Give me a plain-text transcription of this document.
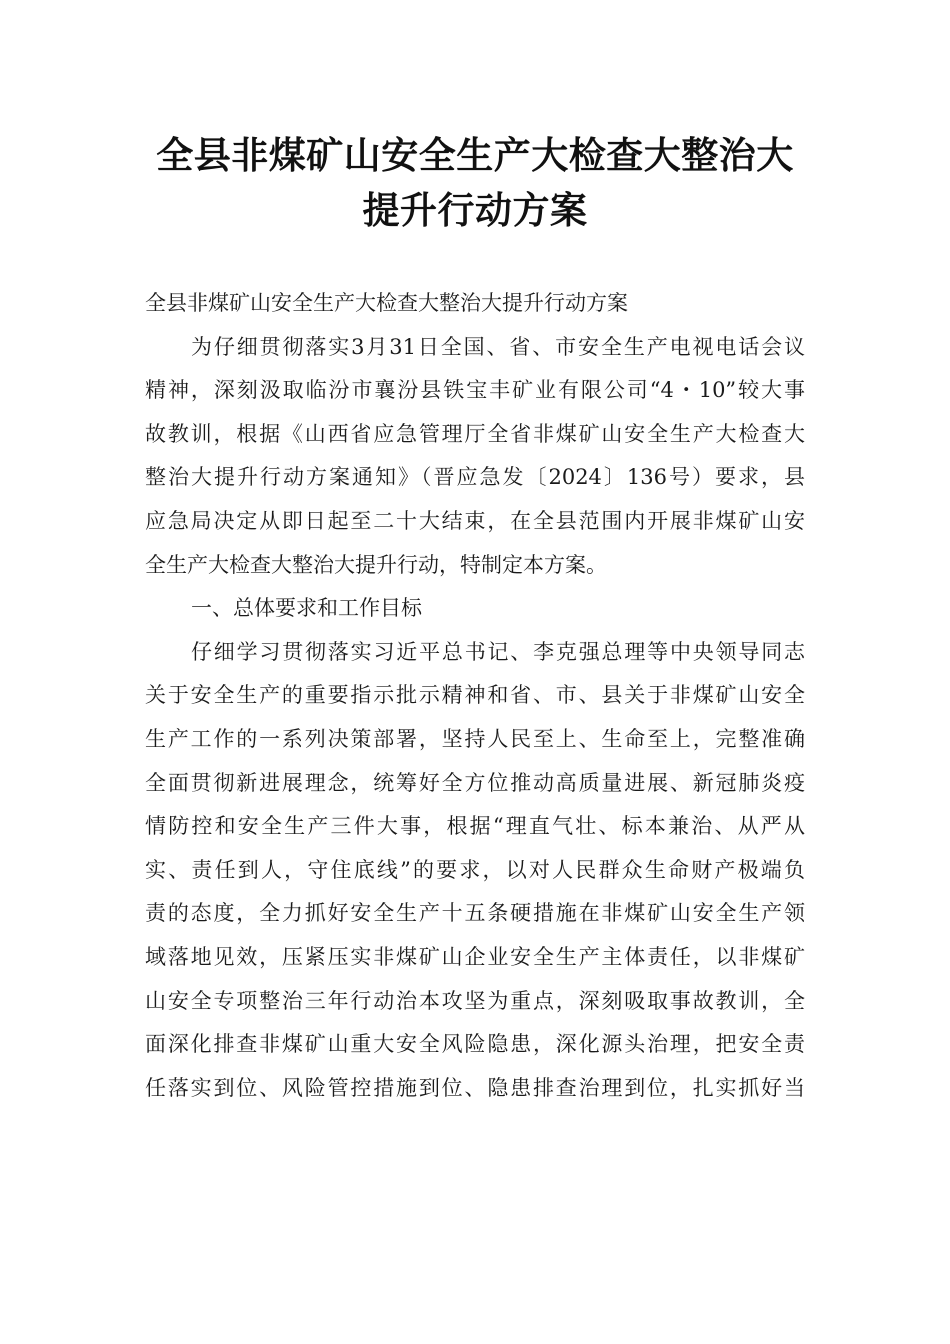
全县非煤矿山安全生产大检查大整治大
提升行动方案
全县非煤矿山安全生产大检查大整治大提升行动方案
为仔细贯彻落实3月31日全国、省、市安全生产电视电话会议
精神，深刻汲取临汾市襄汾县铁宝丰矿业有限公司“4・10”较大事
故教训，根据《山西省应急管理厅全省非煤矿山安全生产大检查大
整治大提升行动方案通知》（晋应急发〔2024〕136号）要求，县
应急局决定从即日起至二十大结束，在全县范围内开展非煤矿山安
全生产大检查大整治大提升行动，特制定本方案。
一、总体要求和工作目标
仔细学习贯彻落实习近平总书记、李克强总理等中央领导同志
关于安全生产的重要指示批示精神和省、市、县关于非煤矿山安全
生产工作的一系列决策部署，坚持人民至上、生命至上，完整准确
全面贯彻新进展理念，统筹好全方位推动高质量进展、新冠肺炎疫
情防控和安全生产三件大事，根据“理直气壮、标本兼治、从严从
实、责任到人，守住底线”的要求，以对人民群众生命财产极端负
责的态度，全力抓好安全生产十五条硬措施在非煤矿山安全生产领
域落地见效，压紧压实非煤矿山企业安全生产主体责任，以非煤矿
山安全专项整治三年行动治本攻坚为重点，深刻吸取事故教训，全
面深化排查非煤矿山重大安全风险隐患，深化源头治理，把安全责
任落实到位、风险管控措施到位、隐患排查治理到位，扎实抓好当
